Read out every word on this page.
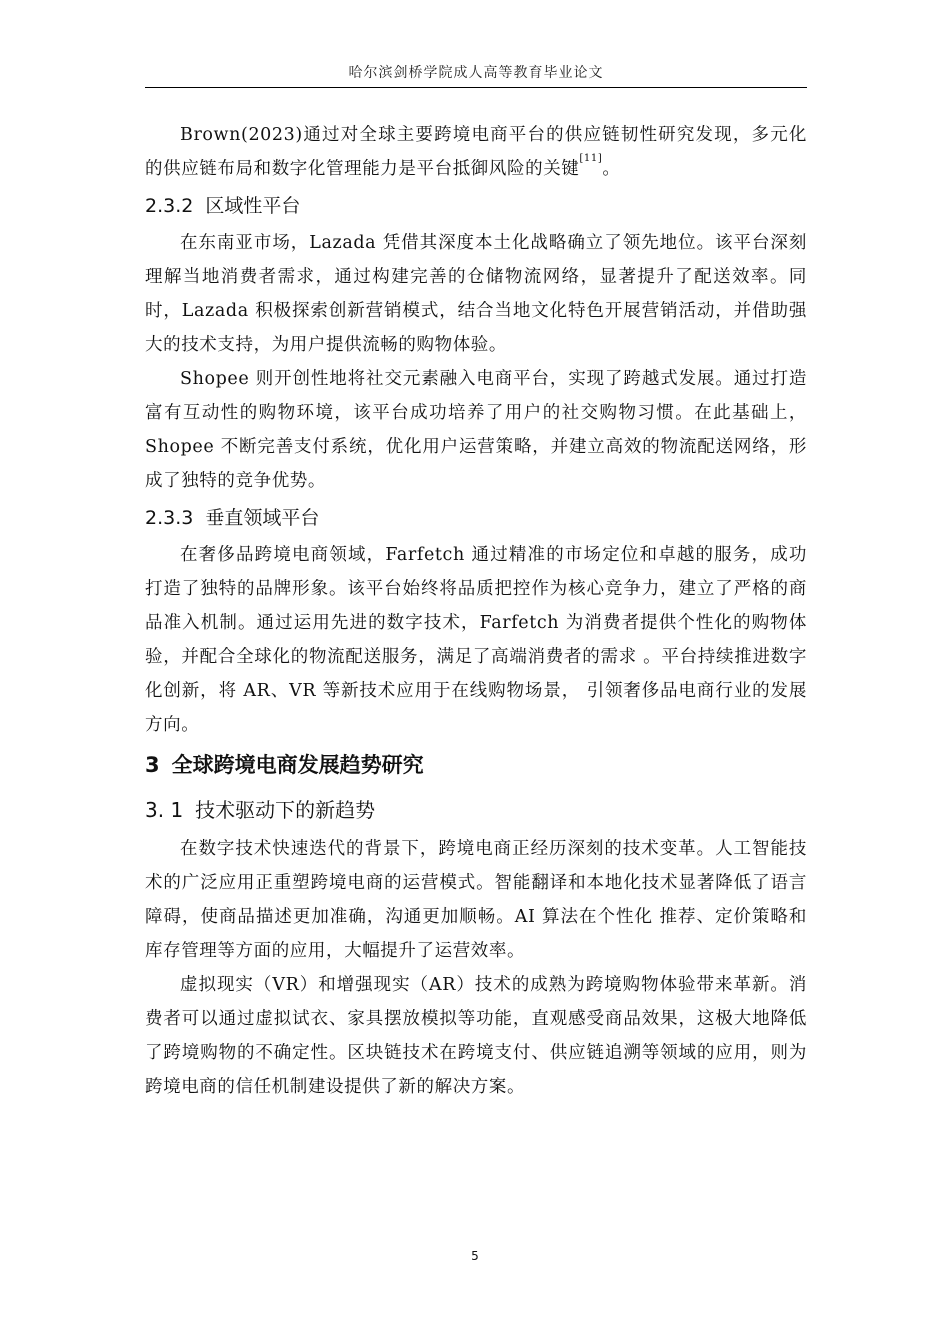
哈尔滨剑桥学院成人高等教育毕业论文

Brown(2023)通过对全球主要跨境电商平台的供应链韧性研究发现，多元化的供应链布局和数字化管理能力是平台抵御风险的关键[11]。

2.3.2 区域性平台

在东南亚市场，Lazada 凭借其深度本土化战略确立了领先地位。该平台深刻理解当地消费者需求，通过构建完善的仓储物流网络，显著提升了配送效率。同时，Lazada 积极探索创新营销模式，结合当地文化特色开展营销活动，并借助强大的技术支持，为用户提供流畅的购物体验。

Shopee 则开创性地将社交元素融入电商平台，实现了跨越式发展。通过打造富有互动性的购物环境，该平台成功培养了用户的社交购物习惯。在此基础上，Shopee 不断完善支付系统，优化用户运营策略，并建立高效的物流配送网络，形成了独特的竞争优势。

2.3.3 垂直领域平台

在奢侈品跨境电商领域，Farfetch 通过精准的市场定位和卓越的服务，成功打造了独特的品牌形象。该平台始终将品质把控作为核心竞争力，建立了严格的商品准入机制。通过运用先进的数字技术，Farfetch 为消费者提供个性化的购物体验，并配合全球化的物流配送服务，满足了高端消费者的需求 。平台持续推进数字化创新，将 AR、VR 等新技术应用于在线购物场景， 引领奢侈品电商行业的发展方向。

3 全球跨境电商发展趋势研究
3. 1 技术驱动下的新趋势

在数字技术快速迭代的背景下，跨境电商正经历深刻的技术变革。人工智能技术的广泛应用正重塑跨境电商的运营模式。智能翻译和本地化技术显著降低了语言障碍，使商品描述更加准确，沟通更加顺畅。AI 算法在个性化 推荐、定价策略和库存管理等方面的应用，大幅提升了运营效率。

虚拟现实（VR）和增强现实（AR）技术的成熟为跨境购物体验带来革新。消费者可以通过虚拟试衣、家具摆放模拟等功能，直观感受商品效果，这极大地降低了跨境购物的不确定性。区块链技术在跨境支付、供应链追溯等领域的应用，则为跨境电商的信任机制建设提供了新的解决方案。

5
